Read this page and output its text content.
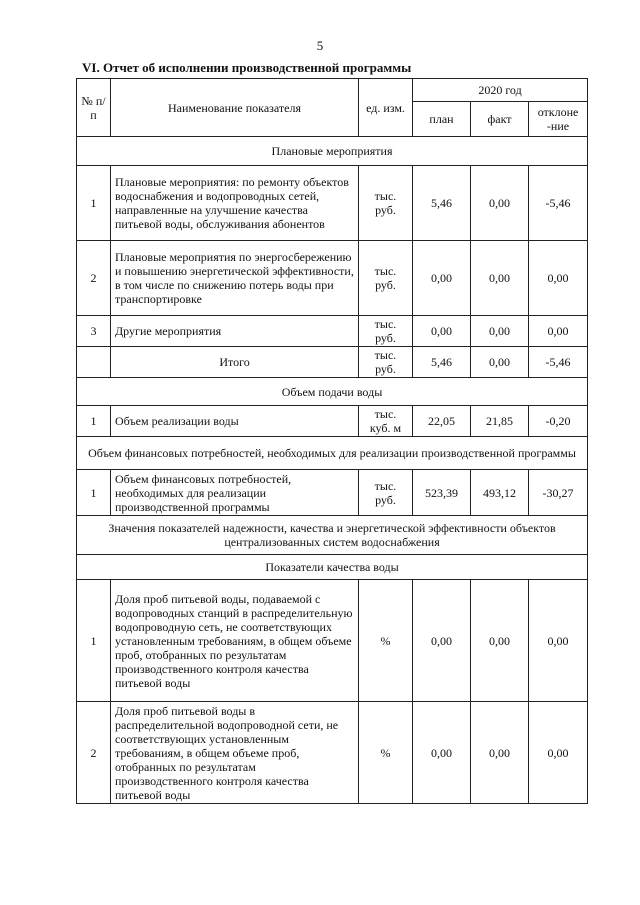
5
VI. Отчет об исполнении производственной программы
№ п/п	Наименование показателя	ед. изм.	2020 год		
			план	факт	отклоне -ние
Плановые мероприятия					
1	Плановые мероприятия: по ремонту объектов водоснабжения и водопроводных сетей, направленные на улучшение качества питьевой воды, обслуживания абонентов	тыс. руб.	5,46	0,00	-5,46
2	Плановые мероприятия по энергосбережению и повышению энергетической эффективности, в том числе по снижению потерь воды при транспортировке	тыс. руб.	0,00	0,00	0,00
3	Другие мероприятия	тыс. руб.	0,00	0,00	0,00
	Итого	тыс. руб.	5,46	0,00	-5,46
Объем подачи воды					
1	Объем реализации воды	тыс. куб. м	22,05	21,85	-0,20
Объем финансовых потребностей, необходимых для реализации производственной программы					
1	Объем финансовых потребностей, необходимых для реализации производственной программы	тыс. руб.	523,39	493,12	-30,27
Значения показателей надежности, качества и энергетической эффективности объектов централизованных систем водоснабжения					
Показатели качества воды					
1	Доля проб питьевой воды, подаваемой с водопроводных станций в распределительную водопроводную сеть, не соответствующих установленным требованиям, в общем объеме проб, отобранных по результатам производственного контроля качества питьевой воды	%	0,00	0,00	0,00
2	Доля проб питьевой воды в распределительной водопроводной сети, не соответствующих установленным требованиям, в общем объеме проб, отобранных по результатам производственного контроля качества питьевой воды	%	0,00	0,00	0,00
